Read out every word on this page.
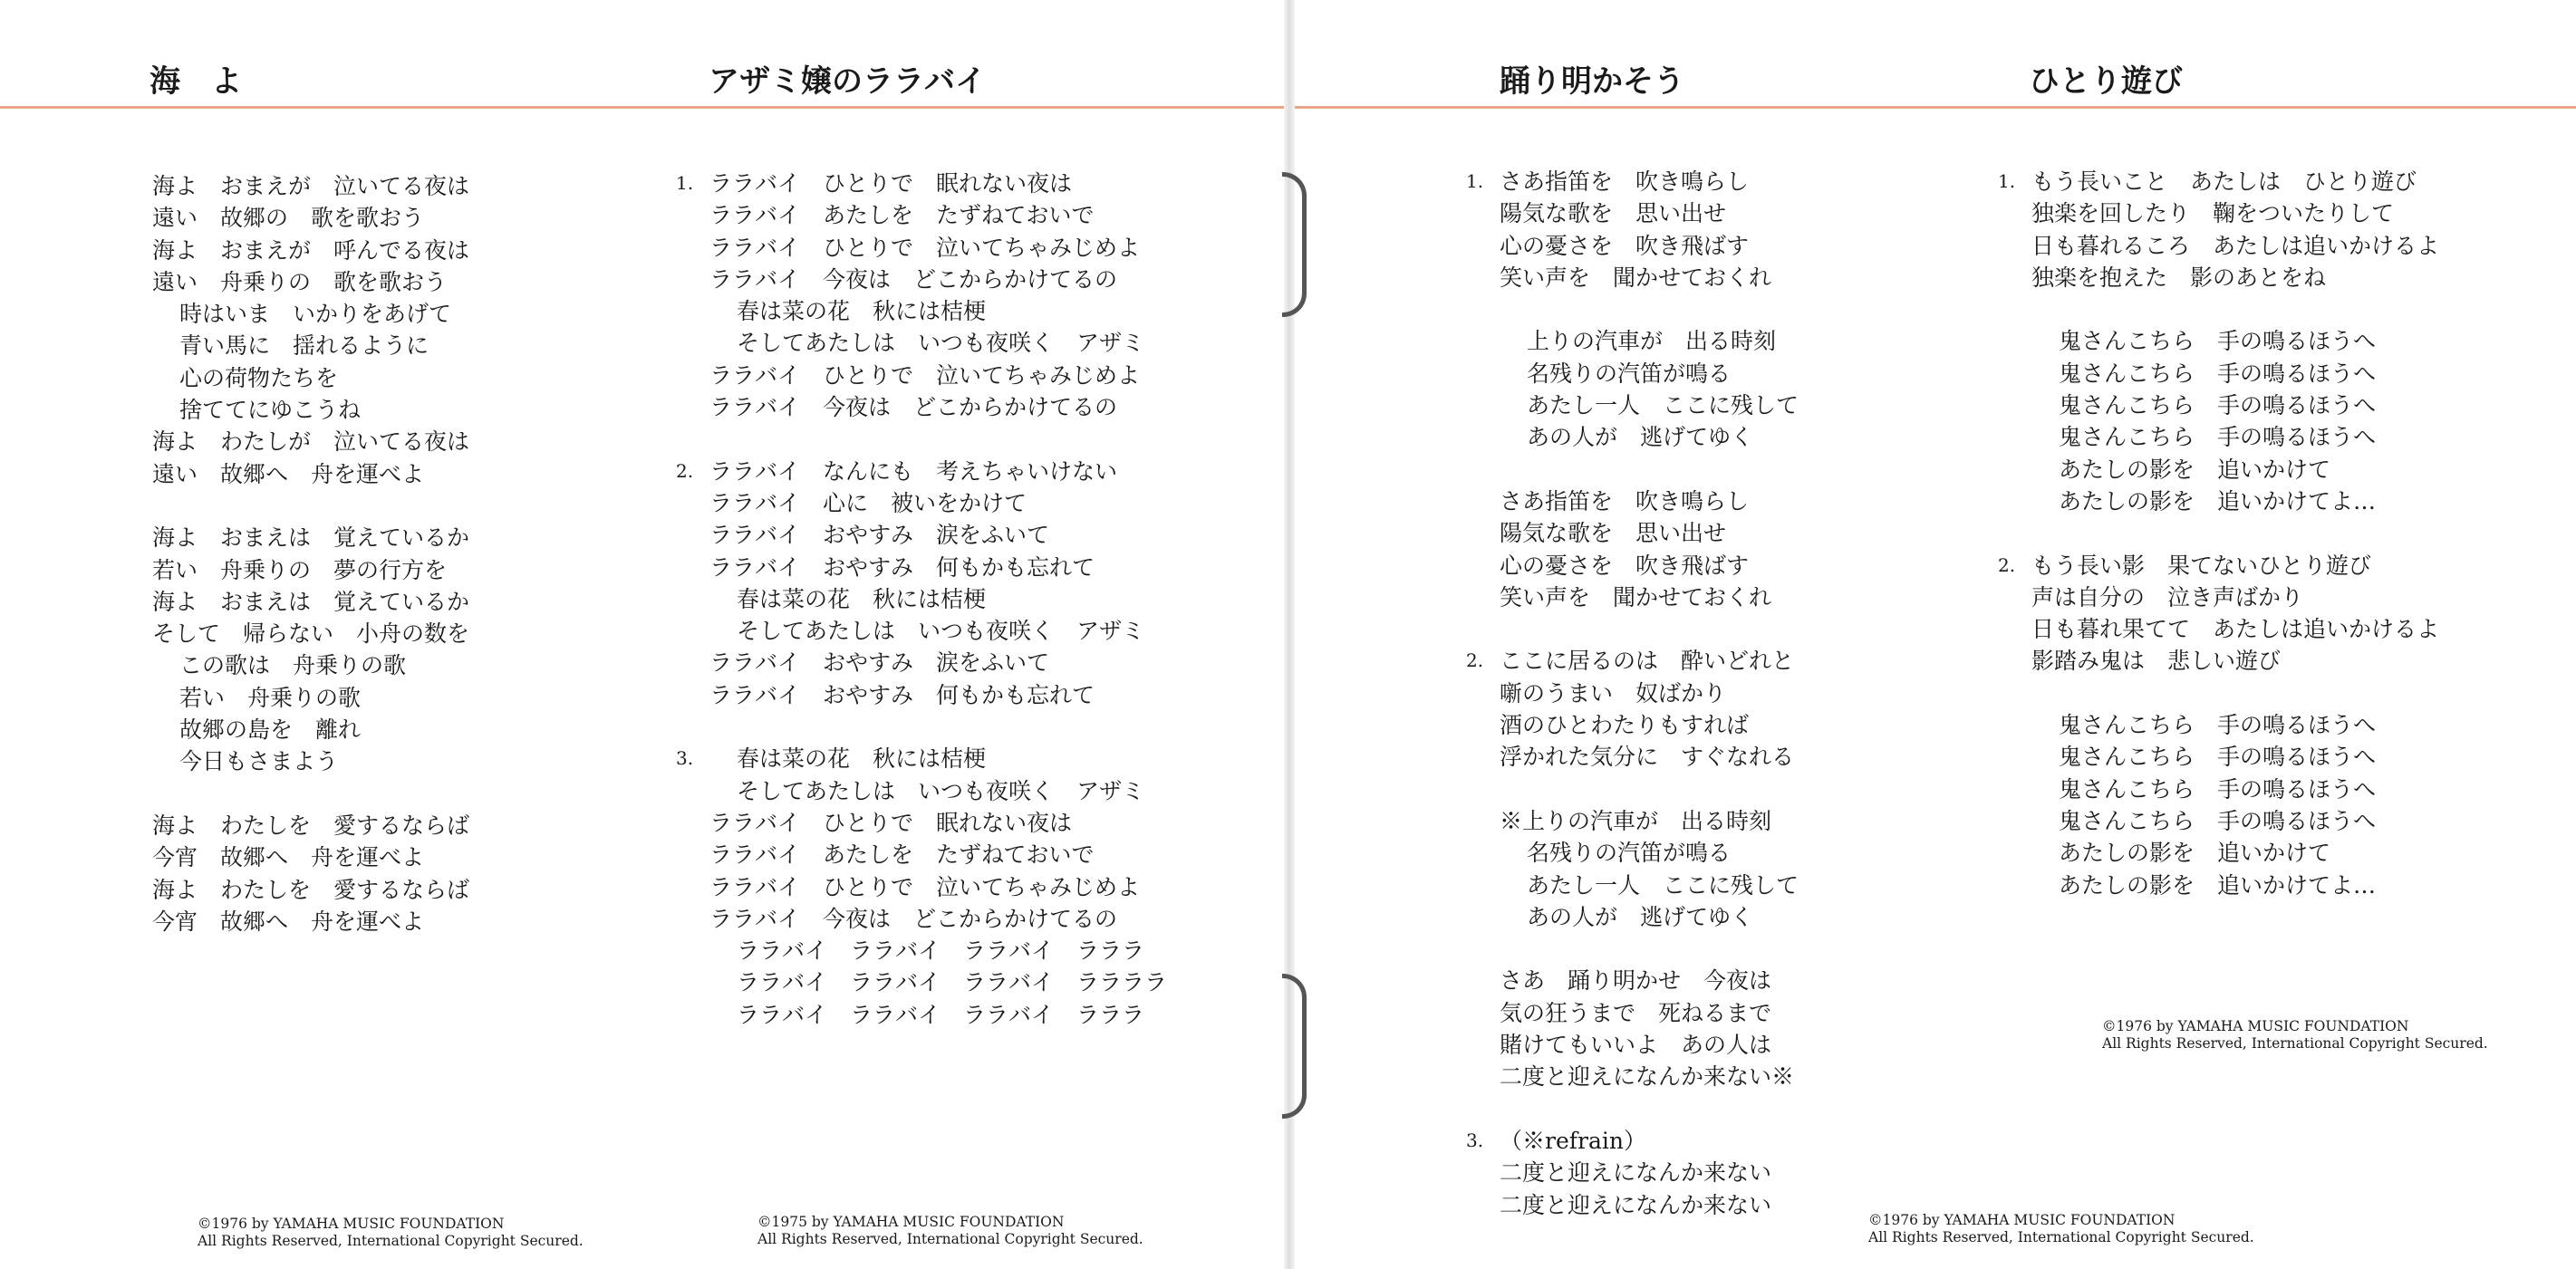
海　よ
海よ　おまえが　泣いてる夜は
遠い　故郷の　歌を歌おう
海よ　おまえが　呼んでる夜は
遠い　舟乗りの　歌を歌おう
時はいま　いかりをあげて
青い馬に　揺れるように
心の荷物たちを
捨ててにゆこうね
海よ　わたしが　泣いてる夜は
遠い　故郷へ　舟を運べよ
海よ　おまえは　覚えているか
若い　舟乗りの　夢の行方を
海よ　おまえは　覚えているか
そして　帰らない　小舟の数を
この歌は　舟乗りの歌
若い　舟乗りの歌
故郷の島を　離れ
今日もさまよう
海よ　わたしを　愛するならば
今宵　故郷へ　舟を運べよ
海よ　わたしを　愛するならば
今宵　故郷へ　舟を運べよ
©1976 by YAMAHA MUSIC FOUNDATION
All Rights Reserved, International Copyright Secured.
アザミ嬢のララバイ
1. ララバイ　ひとりで　眠れない夜は
ララバイ　あたしを　たずねておいで
ララバイ　ひとりで　泣いてちゃみじめよ
ララバイ　今夜は　どこからかけてるの
春は菜の花　秋には桔梗
そしてあたしは　いつも夜咲く　アザミ
ララバイ　ひとりで　泣いてちゃみじめよ
ララバイ　今夜は　どこからかけてるの
2. ララバイ　なんにも　考えちゃいけない
ララバイ　心に　被いをかけて
ララバイ　おやすみ　涙をふいて
ララバイ　おやすみ　何もかも忘れて
春は菜の花　秋には桔梗
そしてあたしは　いつも夜咲く　アザミ
ララバイ　おやすみ　涙をふいて
ララバイ　おやすみ　何もかも忘れて
3. 春は菜の花　秋には桔梗
そしてあたしは　いつも夜咲く　アザミ
ララバイ　ひとりで　眠れない夜は
ララバイ　あたしを　たずねておいで
ララバイ　ひとりで　泣いてちゃみじめよ
ララバイ　今夜は　どこからかけてるの
ララバイ　ララバイ　ララバイ　ラララ
ララバイ　ララバイ　ララバイ　ララララ
ララバイ　ララバイ　ララバイ　ラララ
©1975 by YAMAHA MUSIC FOUNDATION
All Rights Reserved, International Copyright Secured.
踊り明かそう
1. さあ指笛を　吹き鳴らし
陽気な歌を　思い出せ
心の憂さを　吹き飛ばす
笑い声を　聞かせておくれ
上りの汽車が　出る時刻
名残りの汽笛が鳴る
あたし一人　ここに残して
あの人が　逃げてゆく
さあ指笛を　吹き鳴らし
陽気な歌を　思い出せ
心の憂さを　吹き飛ばす
笑い声を　聞かせておくれ
2. ここに居るのは　酔いどれと
噺のうまい　奴ばかり
酒のひとわたりもすれば
浮かれた気分に　すぐなれる
※上りの汽車が　出る時刻
名残りの汽笛が鳴る
あたし一人　ここに残して
あの人が　逃げてゆく
さあ　踊り明かせ　今夜は
気の狂うまで　死ねるまで
賭けてもいいよ　あの人は
二度と迎えになんか来ない※
3. （※refrain）
二度と迎えになんか来ない
二度と迎えになんか来ない
©1976 by YAMAHA MUSIC FOUNDATION
All Rights Reserved, International Copyright Secured.
ひとり遊び
1. もう長いこと　あたしは　ひとり遊び
独楽を回したり　鞠をついたりして
日も暮れるころ　あたしは追いかけるよ
独楽を抱えた　影のあとをね
鬼さんこちら　手の鳴るほうへ
鬼さんこちら　手の鳴るほうへ
鬼さんこちら　手の鳴るほうへ
鬼さんこちら　手の鳴るほうへ
あたしの影を　追いかけて
あたしの影を　追いかけてよ…
2. もう長い影　果てないひとり遊び
声は自分の　泣き声ばかり
日も暮れ果てて　あたしは追いかけるよ
影踏み鬼は　悲しい遊び
鬼さんこちら　手の鳴るほうへ
鬼さんこちら　手の鳴るほうへ
鬼さんこちら　手の鳴るほうへ
鬼さんこちら　手の鳴るほうへ
あたしの影を　追いかけて
あたしの影を　追いかけてよ…
©1976 by YAMAHA MUSIC FOUNDATION
All Rights Reserved, International Copyright Secured.
